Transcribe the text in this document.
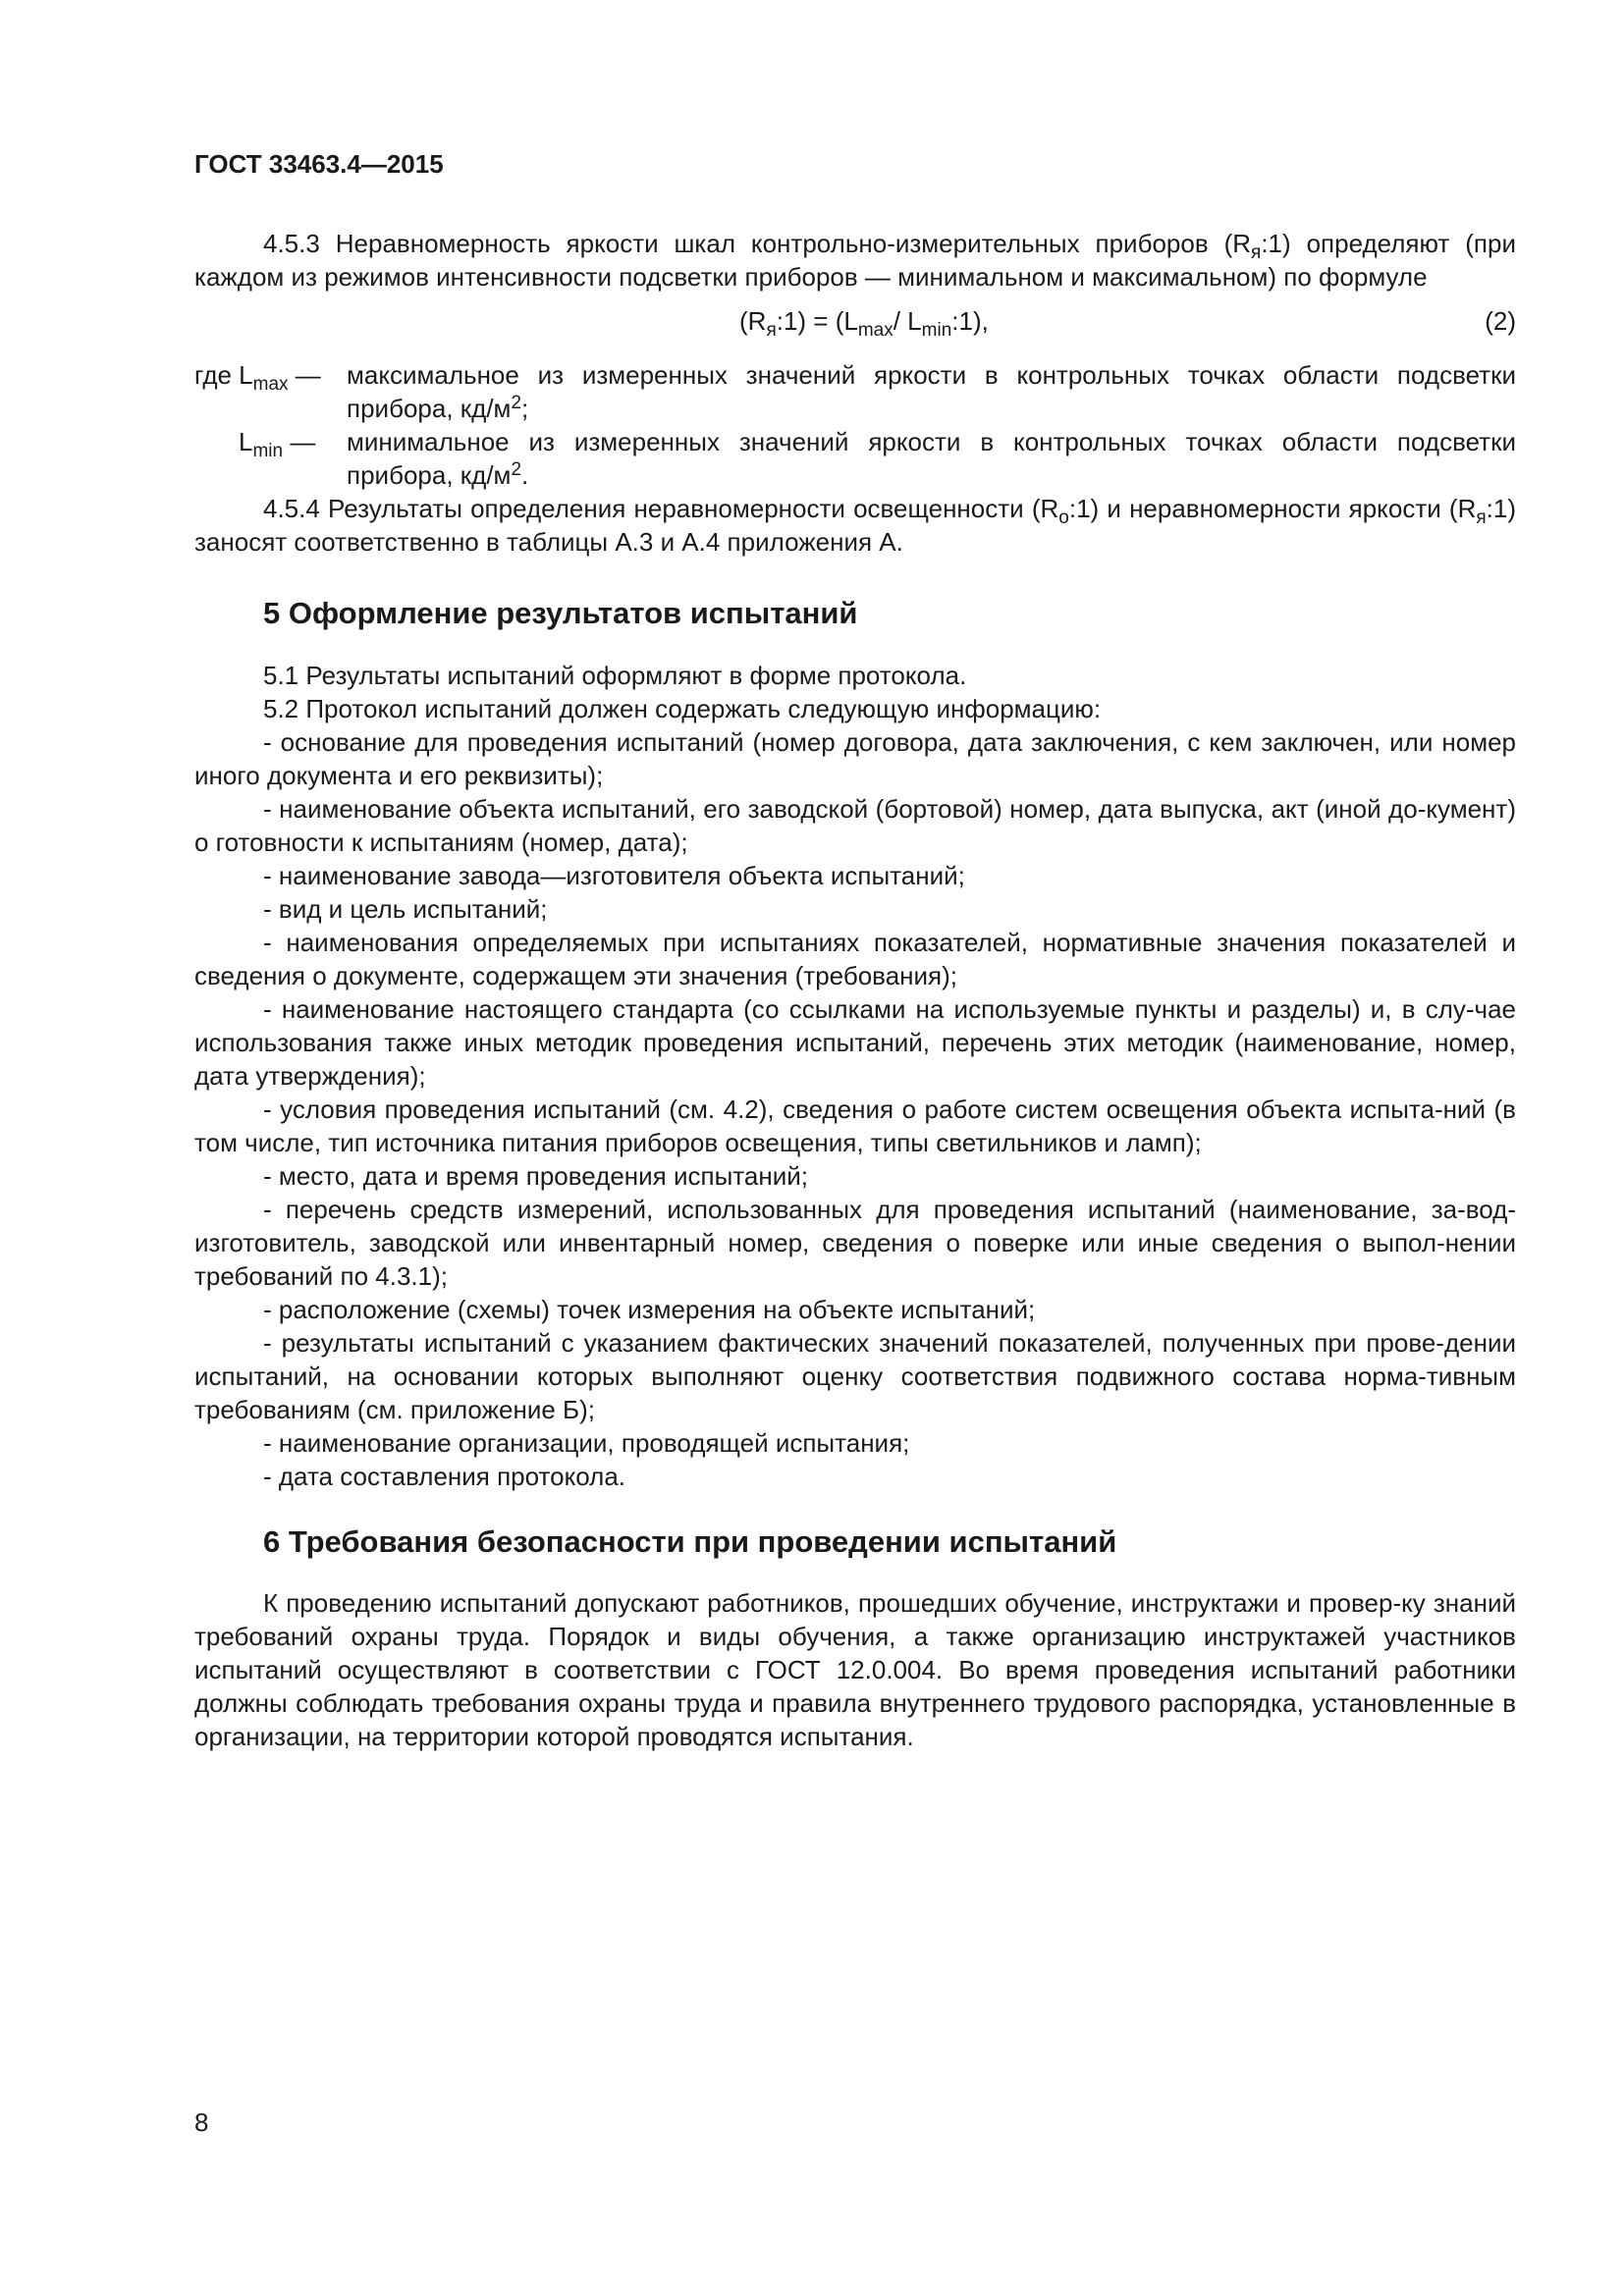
ГОСТ 33463.4—2015

4.5.3 Неравномерность яркости шкал контрольно-измерительных приборов $(R_я:1)$ определяют (при каждом из режимов интенсивности подсветки приборов — минимальном и максимальном) по формуле

$(R_я:1) = (L_{max}/$ $L_{min}:1$),	(2)
где $L_{max}$ — максимальное из измеренных значений яркости в контрольных точках области подсветки прибора, $кд/м^2$;
$L_{min}$ — минимальное из измеренных значений яркости в контрольных точках области подсветки прибора, $кд/м^2$.

4.5.4 Результаты определения неравномерности освещенности $(R_о:1)$ и неравномерности яркости $(R_я:1)$ заносят соответственно в таблицы А.3 и А.4 приложения А.

5 Оформление результатов испытаний

5.1 Результаты испытаний оформляют в форме протокола.

5.2 Протокол испытаний должен содержать следующую информацию:

- основание для проведения испытаний (номер договора, дата заключения, с кем заключен, или номер иного документа и его реквизиты);

- наименование объекта испытаний, его заводской (бортовой) номер, дата выпуска, акт (иной до-кумент) о готовности к испытаниям (номер, дата);

- наименование завода—изготовителя объекта испытаний;

- вид и цель испытаний;

- наименования определяемых при испытаниях показателей, нормативные значения показателей и сведения о документе, содержащем эти значения (требования);

- наименование настоящего стандарта (со ссылками на используемые пункты и разделы) и, в слу-чае использования также иных методик проведения испытаний, перечень этих методик (наименование, номер, дата утверждения);

- условия проведения испытаний (см. 4.2), сведения о работе систем освещения объекта испыта-ний (в том числе, тип источника питания приборов освещения, типы светильников и ламп);

- место, дата и время проведения испытаний;

- перечень средств измерений, использованных для проведения испытаний (наименование, за-вод-изготовитель, заводской или инвентарный номер, сведения о поверке или иные сведения о выпол-нении требований по 4.3.1);

- расположение (схемы) точек измерения на объекте испытаний;

- результаты испытаний с указанием фактических значений показателей, полученных при прове-дении испытаний, на основании которых выполняют оценку соответствия подвижного состава норма-тивным требованиям (см. приложение Б);

- наименование организации, проводящей испытания;

- дата составления протокола.

6 Требования безопасности при проведении испытаний

К проведению испытаний допускают работников, прошедших обучение, инструктажи и провер-ку знаний требований охраны труда. Порядок и виды обучения, а также организацию инструктажей участников испытаний осуществляют в соответствии с ГОСТ 12.0.004. Во время проведения испытаний работники должны соблюдать требования охраны труда и правила внутреннего трудового распорядка, установленные в организации, на территории которой проводятся испытания.

8
